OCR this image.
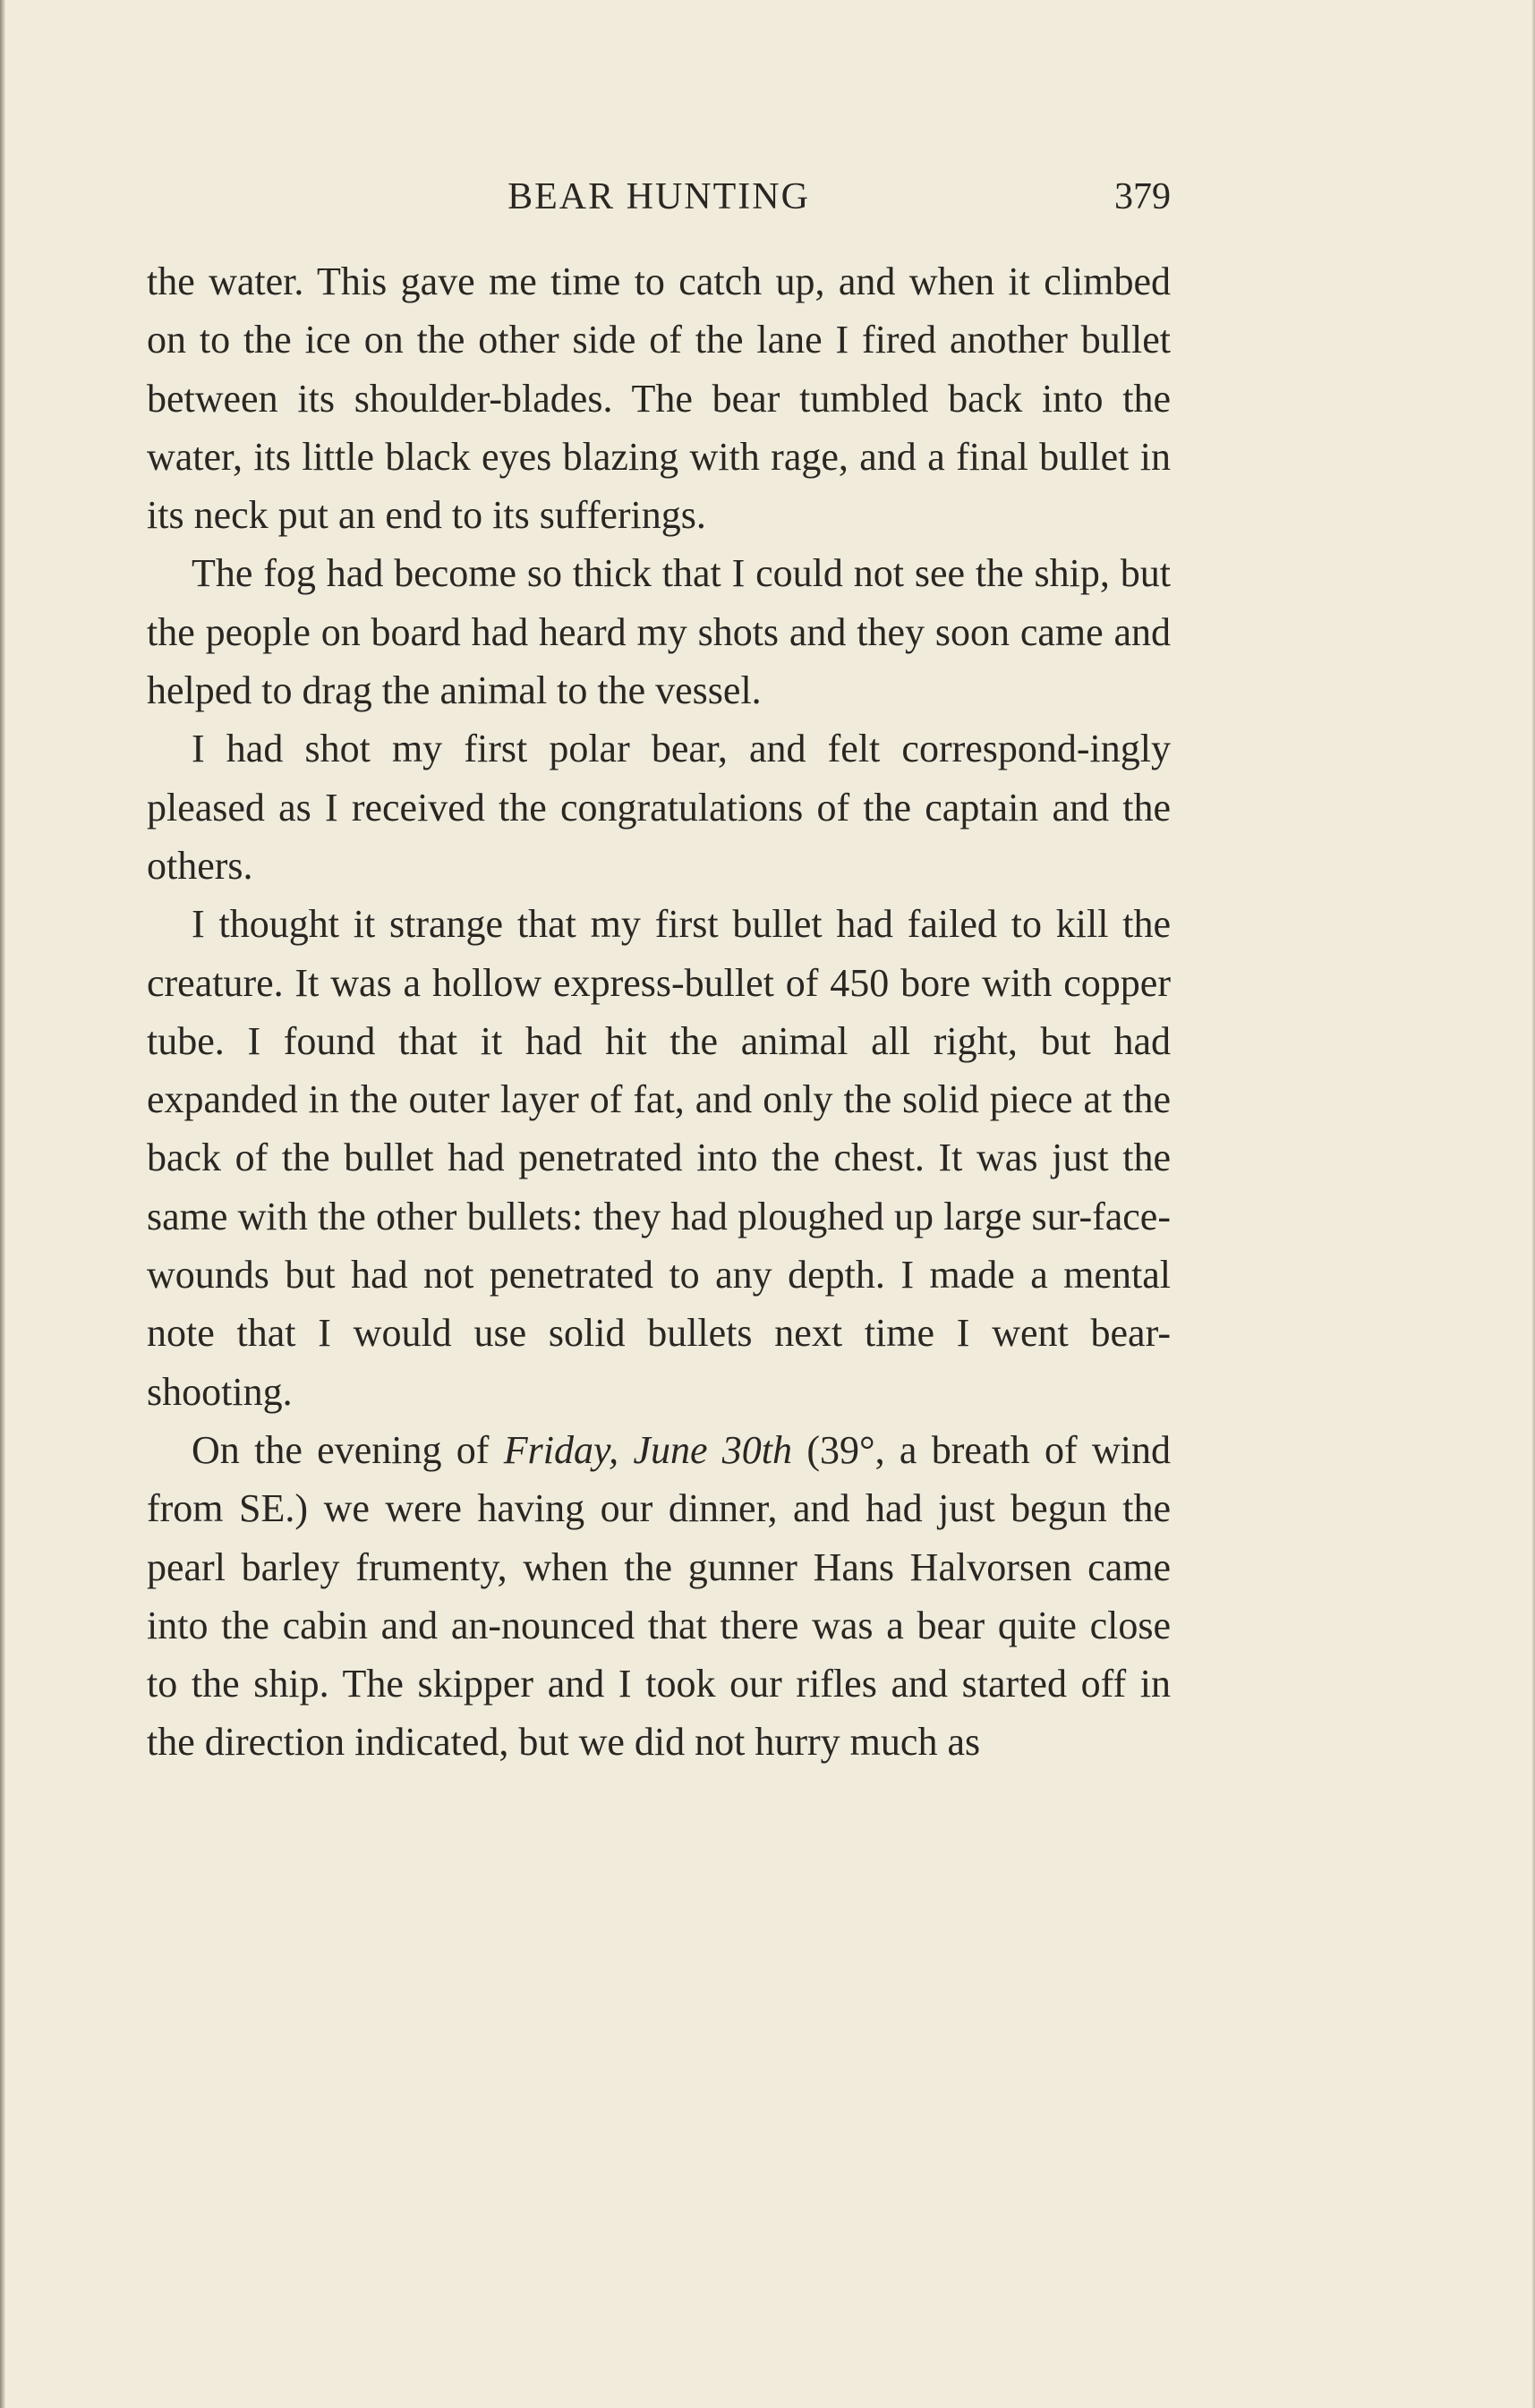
BEAR HUNTING	379

the water. This gave me time to catch up, and when it climbed on to the ice on the other side of the lane I fired another bullet between its shoulder-blades. The bear tumbled back into the water, its little black eyes blazing with rage, and a final bullet in its neck put an end to its sufferings.

The fog had become so thick that I could not see the ship, but the people on board had heard my shots and they soon came and helped to drag the animal to the vessel.

I had shot my first polar bear, and felt correspond-ingly pleased as I received the congratulations of the captain and the others.

I thought it strange that my first bullet had failed to kill the creature. It was a hollow express-bullet of 450 bore with copper tube. I found that it had hit the animal all right, but had expanded in the outer layer of fat, and only the solid piece at the back of the bullet had penetrated into the chest. It was just the same with the other bullets: they had ploughed up large sur-face-wounds but had not penetrated to any depth. I made a mental note that I would use solid bullets next time I went bear-shooting.

On the evening of Friday, June 30th (39°, a breath of wind from SE.) we were having our dinner, and had just begun the pearl barley frumenty, when the gunner Hans Halvorsen came into the cabin and an-nounced that there was a bear quite close to the ship. The skipper and I took our rifles and started off in the direction indicated, but we did not hurry much as
